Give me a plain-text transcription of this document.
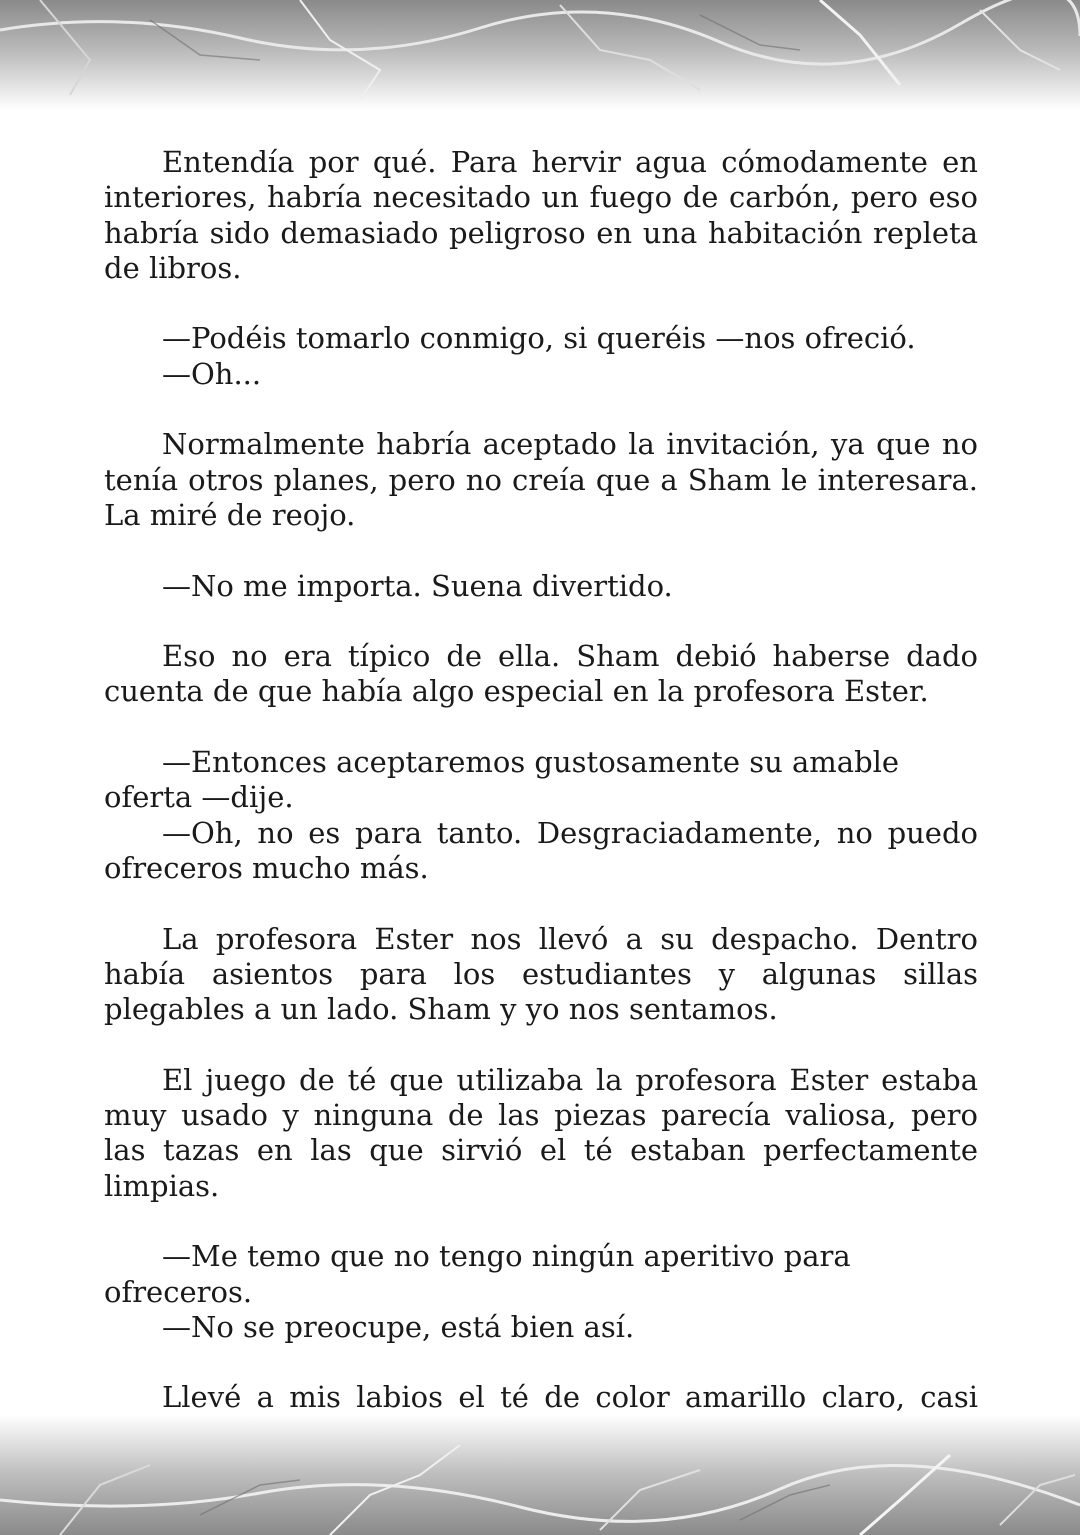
Entendía por qué. Para hervir agua cómodamente en interiores, habría necesitado un fuego de carbón, pero eso habría sido demasiado peligroso en una habitación repleta de libros.

—Podéis tomarlo conmigo, si queréis —nos ofreció.

—Oh...

Normalmente habría aceptado la invitación, ya que no tenía otros planes, pero no creía que a Sham le interesara. La miré de reojo.

—No me importa. Suena divertido.

Eso no era típico de ella. Sham debió haberse dado cuenta de que había algo especial en la profesora Ester.

—Entonces aceptaremos gustosamente su amable oferta —dije.

—Oh, no es para tanto. Desgraciadamente, no puedo ofreceros mucho más.

La profesora Ester nos llevó a su despacho. Dentro había asientos para los estudiantes y algunas sillas plegables a un lado. Sham y yo nos sentamos.

El juego de té que utilizaba la profesora Ester estaba muy usado y ninguna de las piezas parecía valiosa, pero las tazas en las que sirvió el té estaban perfectamente limpias.

—Me temo que no tengo ningún aperitivo para ofreceros.

—No se preocupe, está bien así.

Llevé a mis labios el té de color amarillo claro, casi
